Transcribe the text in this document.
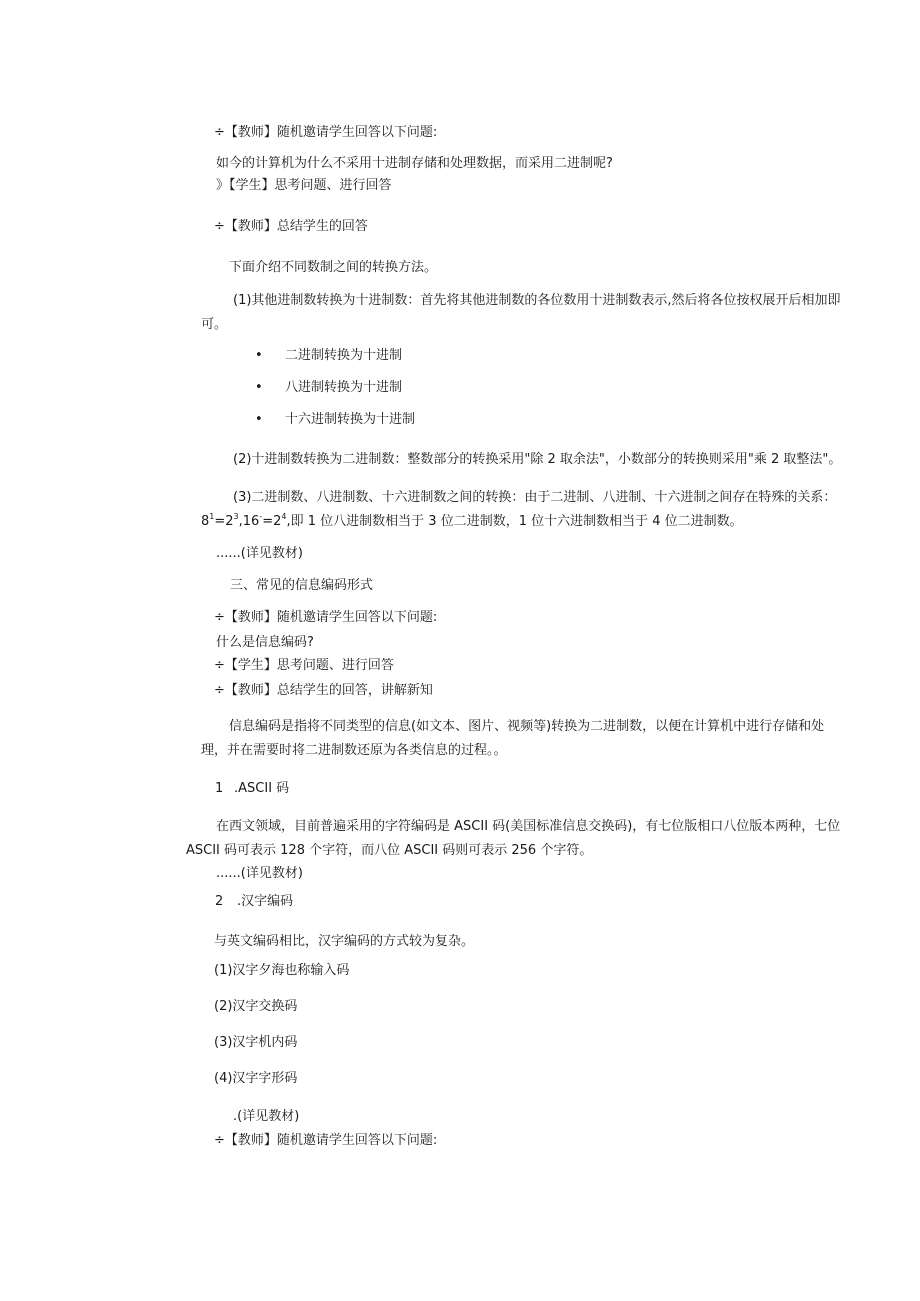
÷【教师】随机邀请学生回答以下问题:
如今的计算机为什么不采用十进制存储和处理数据，而采用二进制呢?
》【学生】思考问题、进行回答
÷【教师】总结学生的回答
下面介绍不同数制之间的转换方法。
(1)其他进制数转换为十进制数：首先将其他进制数的各位数用十进制数表示,然后将各位按权展开后相加即
可。
• 二进制转换为十进制
• 八进制转换为十进制
• 十六进制转换为十进制
(2)十进制数转换为二进制数：整数部分的转换采用"除 2 取余法"，小数部分的转换则采用"乘 2 取整法"。
(3)二进制数、八进制数、十六进制数之间的转换：由于二进制、八进制、十六进制之间存在特殊的关系：
$8^1=2^3,16^-=2^4$,即 1 位八进制数相当于 3 位二进制数，1 位十六进制数相当于 4 位二进制数。
......(详见教材)
三、常见的信息编码形式
÷【教师】随机邀请学生回答以下问题:
什么是信息编码?
÷【学生】思考问题、进行回答
÷【教师】总结学生的回答，讲解新知
信息编码是指将不同类型的信息(如文本、图片、视频等)转换为二进制数，以便在计算机中进行存储和处
理，并在需要时将二进制数还原为各类信息的过程。。
1 .ASCII 码
在西文领域，目前普遍采用的字符编码是 ASCII 码(美国标准信息交换码)，有七位版相口八位版本两种，七位
ASCII 码可表示 128 个字符，而八位 ASCII 码则可表示 256 个字符。
......(详见教材)
2 .汉字编码
与英文编码相比，汉字编码的方式较为复杂。
(1)汉字夕海也称输入码
(2)汉字交换码
(3)汉字机内码
(4)汉字字形码
.(详见教材)
÷【教师】随机邀请学生回答以下问题:
